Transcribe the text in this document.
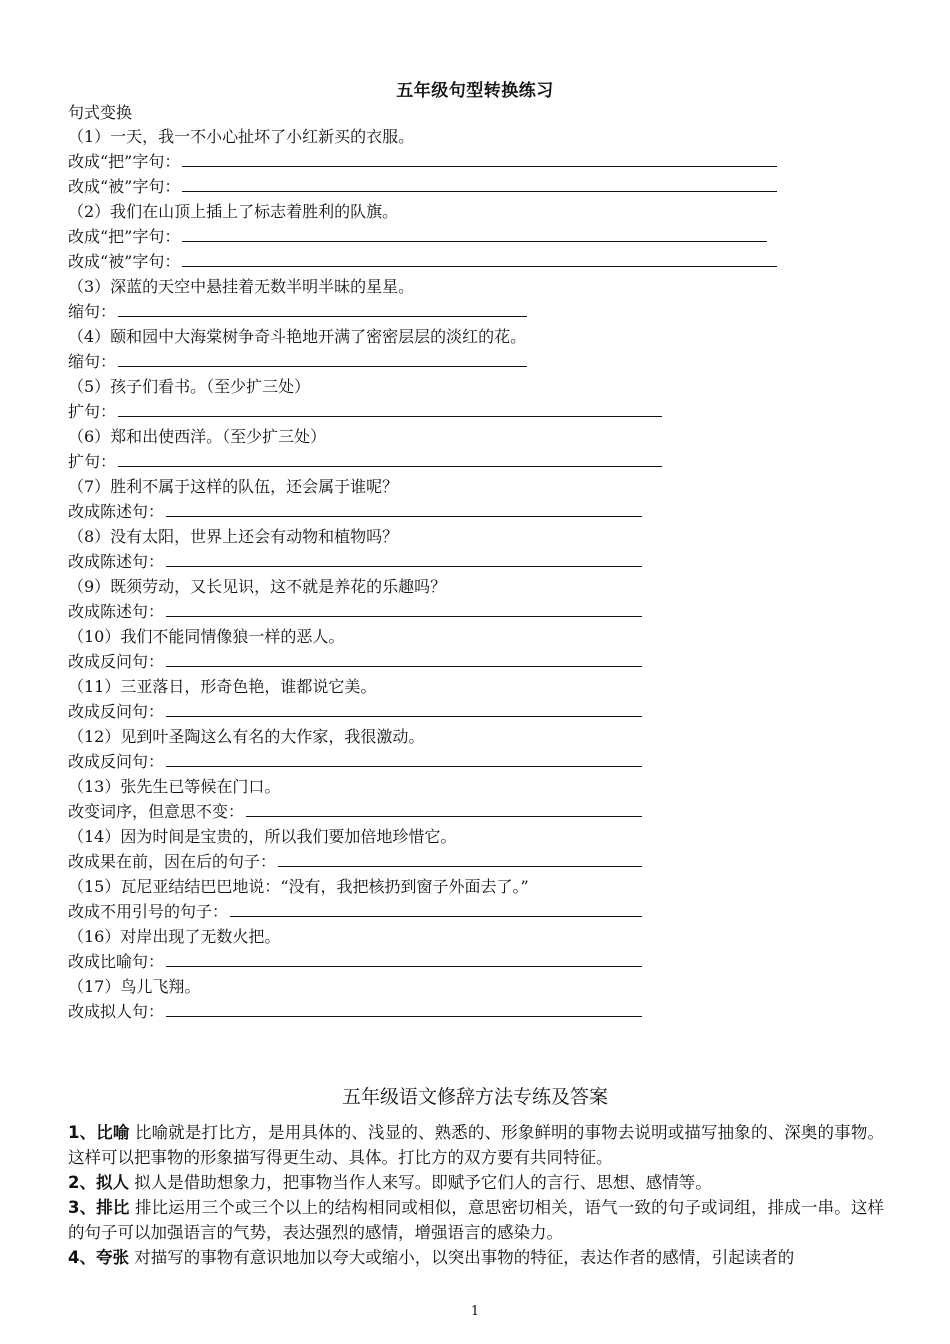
五年级句型转换练习
句式变换
（1）一天，我一不小心扯坏了小红新买的衣服。
改成“把”字句：
改成“被”字句：
（2）我们在山顶上插上了标志着胜利的队旗。
改成“把”字句：
改成“被”字句：
（3）深蓝的天空中悬挂着无数半明半昧的星星。
缩句：
（4）颐和园中大海棠树争奇斗艳地开满了密密层层的淡红的花。
缩句：
（5）孩子们看书。（至少扩三处）
扩句：
（6）郑和出使西洋。（至少扩三处）
扩句：
（7）胜利不属于这样的队伍，还会属于谁呢？
改成陈述句：
（8）没有太阳，世界上还会有动物和植物吗？
改成陈述句：
（9）既须劳动，又长见识，这不就是养花的乐趣吗？
改成陈述句：
（10）我们不能同情像狼一样的恶人。
改成反问句：
（11）三亚落日，形奇色艳，谁都说它美。
改成反问句：
（12）见到叶圣陶这么有名的大作家，我很激动。
改成反问句：
（13）张先生已等候在门口。
改变词序，但意思不变：
（14）因为时间是宝贵的，所以我们要加倍地珍惜它。
改成果在前，因在后的句子：
（15）瓦尼亚结结巴巴地说：“没有，我把核扔到窗子外面去了。”
改成不用引号的句子：
（16）对岸出现了无数火把。
改成比喻句：
（17）鸟儿飞翔。
改成拟人句：
五年级语文修辞方法专练及答案

1、比喻 比喻就是打比方，是用具体的、浅显的、熟悉的、形象鲜明的事物去说明或描写抽象的、深奥的事物。这样可以把事物的形象描写得更生动、具体。打比方的双方要有共同特征。

2、拟人 拟人是借助想象力，把事物当作人来写。即赋予它们人的言行、思想、感情等。

3、排比 排比运用三个或三个以上的结构相同或相似，意思密切相关，语气一致的句子或词组，排成一串。这样的句子可以加强语言的气势，表达强烈的感情，增强语言的感染力。

4、夸张 对描写的事物有意识地加以夸大或缩小，以突出事物的特征，表达作者的感情，引起读者的

1
